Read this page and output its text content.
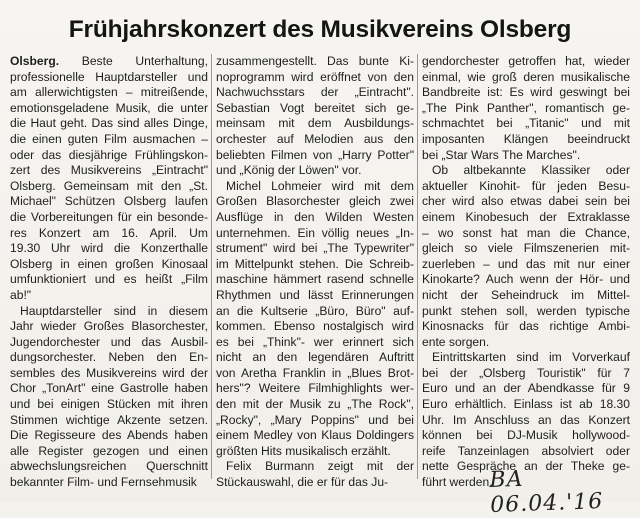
Frühjahrskonzert des Musikvereins Olsberg
Olsberg. Beste Unterhaltung,
professionelle Hauptdarsteller und
am allerwichtigsten – mitreißende,
emotionsgeladene Musik, die unter
die Haut geht. Das sind alles Dinge,
die einen guten Film ausmachen –
oder das diesjährige Frühlingskon-
zert des Musikvereins „Eintracht"
Olsberg. Gemeinsam mit den „St.
Michael" Schützen Olsberg laufen
die Vorbereitungen für ein besonde-
res Konzert am 16. April. Um
19.30 Uhr wird die Konzerthalle
Olsberg in einen großen Kinosaal
umfunktioniert und es heißt „Film
ab!"
Hauptdarsteller sind in diesem
Jahr wieder Großes Blasorchester,
Jugendorchester und das Ausbil-
dungsorchester. Neben den En-
sembles des Musikvereins wird der
Chor „TonArt" eine Gastrolle haben
und bei einigen Stücken mit ihren
Stimmen wichtige Akzente setzen.
Die Regisseure des Abends haben
alle Register gezogen und einen
abwechslungsreichen Querschnitt
bekannter Film- und Fernsehmusik
zusammengestellt. Das bunte Ki-
noprogramm wird eröffnet von den
Nachwuchsstars der „Eintracht".
Sebastian Vogt bereitet sich ge-
meinsam mit dem Ausbildungs-
orchester auf Melodien aus den
beliebten Filmen von „Harry Potter"
und „König der Löwen" vor.
Michel Lohmeier wird mit dem
Großen Blasorchester gleich zwei
Ausflüge in den Wilden Westen
unternehmen. Ein völlig neues „In-
strument" wird bei „The Typewriter"
im Mittelpunkt stehen. Die Schreib-
maschine hämmert rasend schnelle
Rhythmen und lässt Erinnerungen
an die Kultserie „Büro, Büro" auf-
kommen. Ebenso nostalgisch wird
es bei „Think"- wer erinnert sich
nicht an den legendären Auftritt
von Aretha Franklin in „Blues Brot-
hers"? Weitere Filmhighlights wer-
den mit der Musik zu „The Rock",
„Rocky", „Mary Poppins" und bei
einem Medley von Klaus Doldingers
größten Hits musikalisch erzählt.
Felix Burmann zeigt mit der
Stückauswahl, die er für das Ju-
gendorchester getroffen hat, wieder
einmal, wie groß deren musikalische
Bandbreite ist: Es wird geswingt bei
„The Pink Panther", romantisch ge-
schmachtet bei „Titanic" und mit
imposanten Klängen beeindruckt
bei „Star Wars The Marches".
Ob altbekannte Klassiker oder
aktueller Kinohit- für jeden Besu-
cher wird also etwas dabei sein bei
einem Kinobesuch der Extraklasse
– wo sonst hat man die Chance,
gleich so viele Filmszenerien mit-
zuerleben – und das mit nur einer
Kinokarte? Auch wenn der Hör- und
nicht der Seheindruck im Mittel-
punkt stehen soll, werden typische
Kinosnacks für das richtige Ambi-
ente sorgen.
Eintrittskarten sind im Vorverkauf
bei der „Olsberg Touristik" für 7
Euro und an der Abendkasse für 9
Euro erhältlich. Einlass ist ab 18.30
Uhr. Im Anschluss an das Konzert
können bei DJ-Musik hollywood-
reife Tanzeinlagen absolviert oder
nette Gespräche an der Theke ge-
führt werden.
BA 06.04.'16
